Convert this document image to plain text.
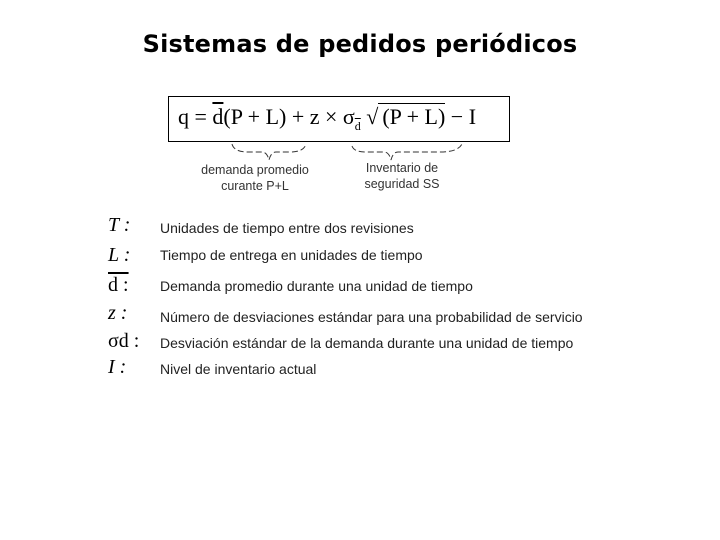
Sistemas de pedidos periódicos
$q = \overline{d}(P + L) + z \times \sigma_{\overline{d}}$ √ (P + L) − I
demanda promedio
curante P+L
Inventario de
seguridad SS
T :	Unidades de tiempo entre dos revisiones
L :	Tiempo de entrega en unidades de tiempo
d :	Demanda promedio durante una unidad de tiempo
z :	Número de desviaciones estándar para una probabilidad de servicio
σd :	Desviación estándar de la demanda durante una unidad de tiempo
I :	Nivel de inventario actual
